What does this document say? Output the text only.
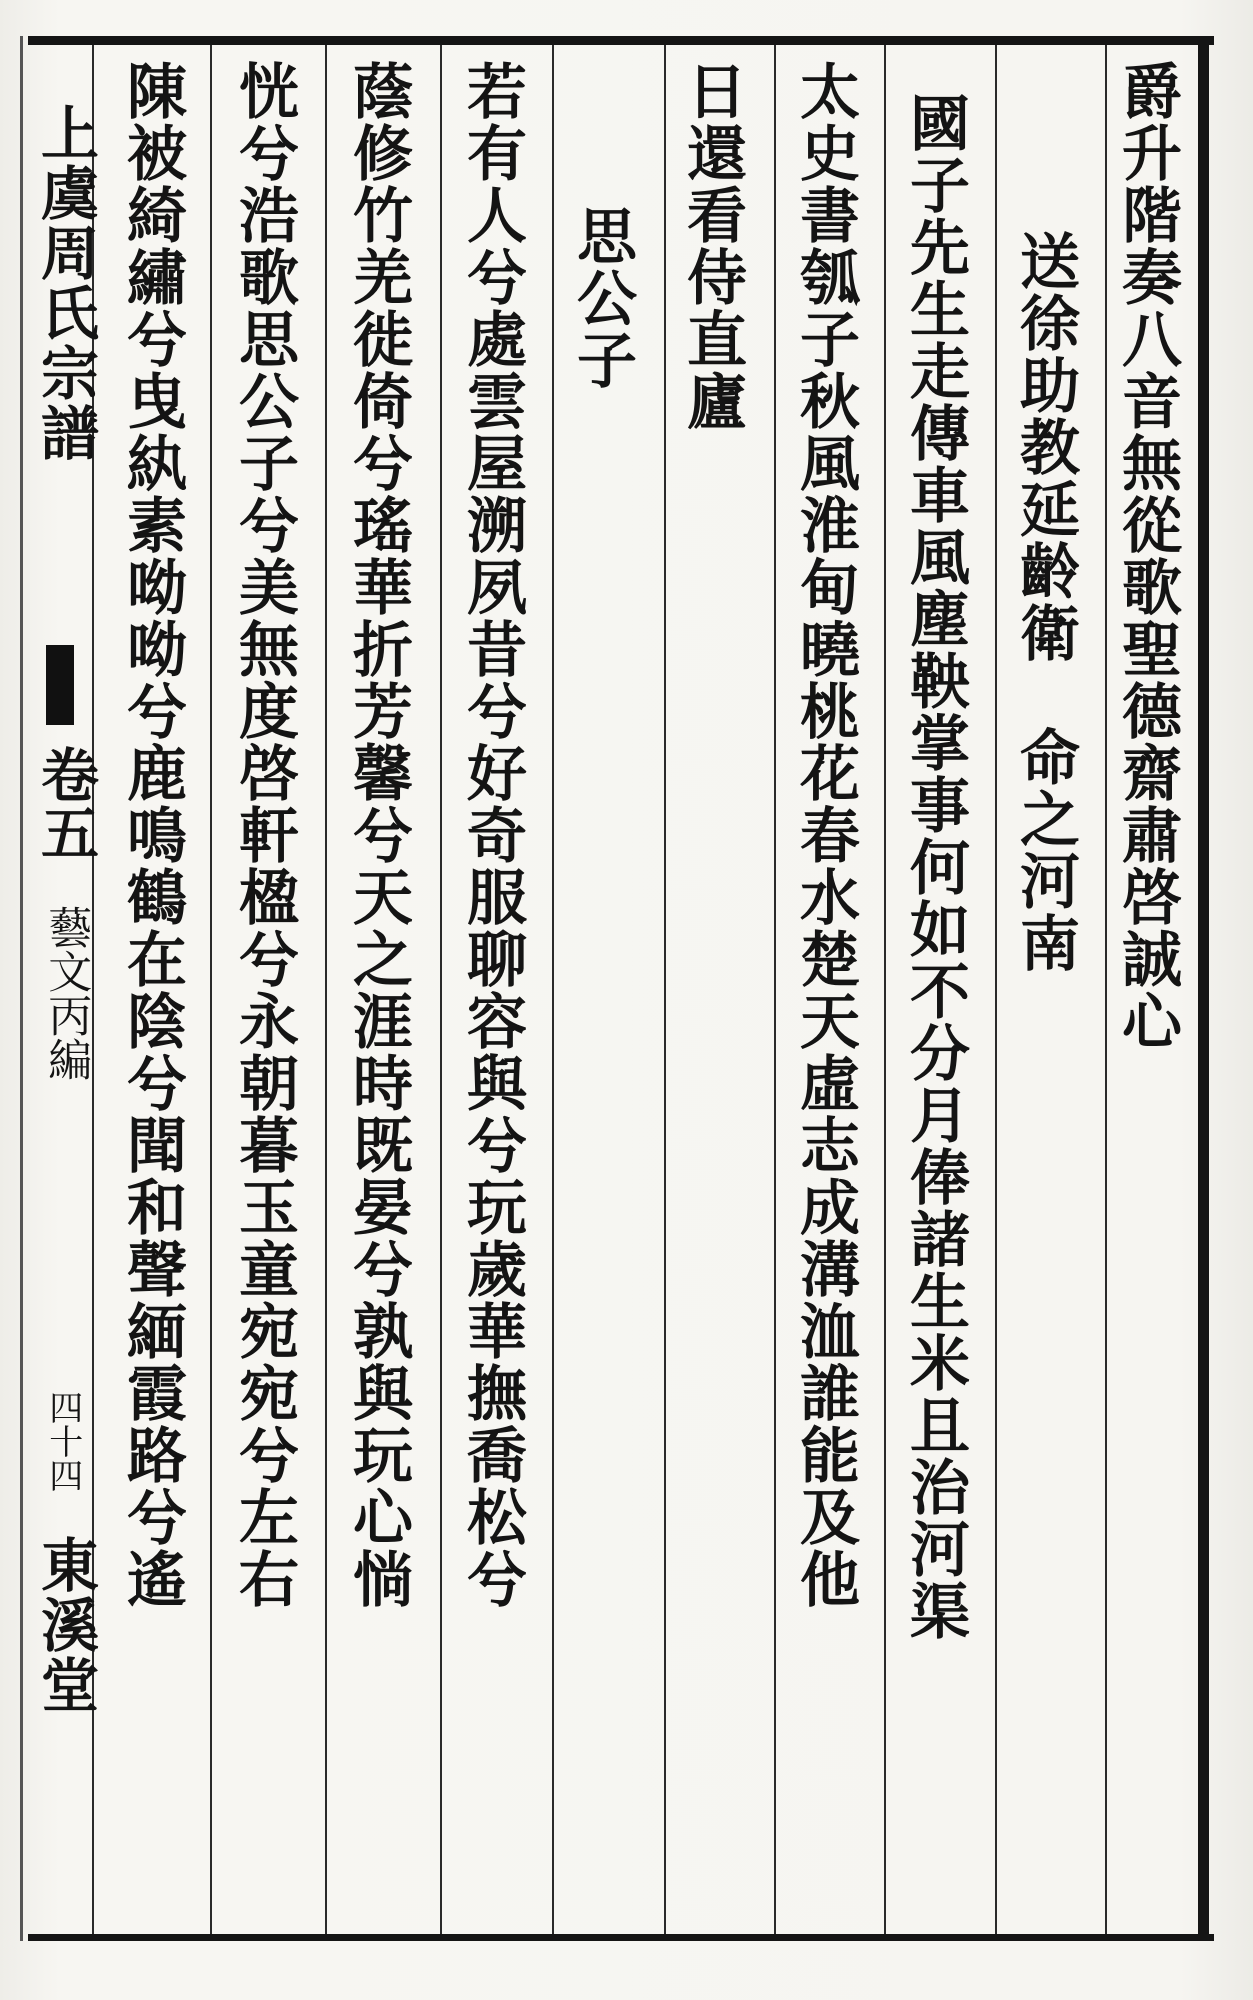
爵升階奏八音無從歌聖德齋肅啓誠心
送徐助教延齡衛　命之河南
國子先生走傳車風塵鞅掌事何如不分月俸諸生米且治河渠
太史書瓠子秋風淮甸曉桃花春水楚天虛志成溝洫誰能及他
日還看侍直廬
思公子
若有人兮處雲屋溯夙昔兮好奇服聊容與兮玩歲華撫喬松兮
蔭修竹羌徙倚兮瑤華折芳馨兮天之涯時既晏兮孰與玩心惝
恍兮浩歌思公子兮美無度啓軒楹兮永朝暮玉童宛宛兮左右
陳被綺繡兮曳紈素呦呦兮鹿鳴鶴在陰兮聞和聲緬霞路兮遙
上虞周氏宗譜
卷五
藝文丙編
四十四
東溪堂
